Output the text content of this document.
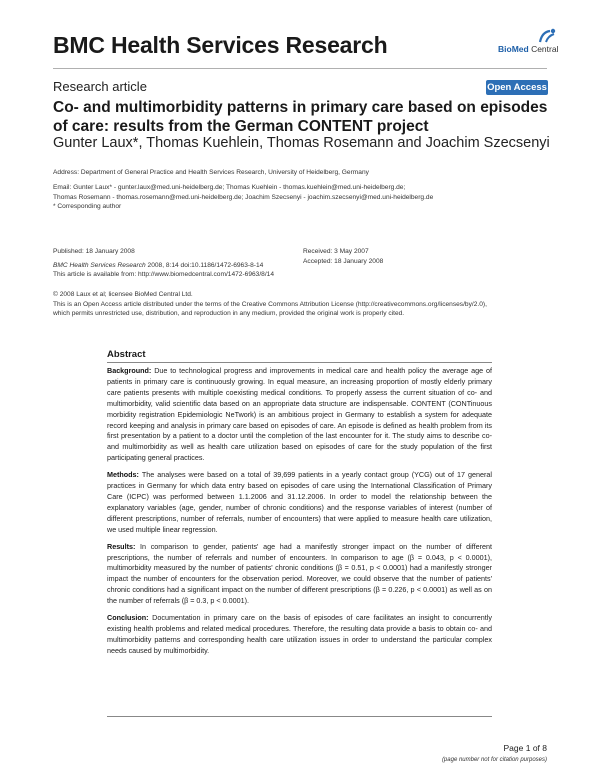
BMC Health Services Research	BioMed Central
Research article	Open Access
Co- and multimorbidity patterns in primary care based on episodes of care: results from the German CONTENT project
Gunter Laux*, Thomas Kuehlein, Thomas Rosemann and Joachim Szecsenyi
Address: Department of General Practice and Health Services Research, University of Heidelberg, Germany
Email: Gunter Laux* - gunter.laux@med.uni-heidelberg.de; Thomas Kuehlein - thomas.kuehlein@med.uni-heidelberg.de;
Thomas Rosemann - thomas.rosemann@med.uni-heidelberg.de; Joachim Szecsenyi - joachim.szecsenyi@med.uni-heidelberg.de
* Corresponding author
Published: 18 January 2008
BMC Health Services Research 2008, 8:14 doi:10.1186/1472-6963-8-14
This article is available from: http://www.biomedcentral.com/1472-6963/8/14
Received: 3 May 2007
Accepted: 18 January 2008
© 2008 Laux et al; licensee BioMed Central Ltd.
This is an Open Access article distributed under the terms of the Creative Commons Attribution License (http://creativecommons.org/licenses/by/2.0),
which permits unrestricted use, distribution, and reproduction in any medium, provided the original work is properly cited.
Abstract

Background: Due to technological progress and improvements in medical care and health policy the average age of patients in primary care is continuously growing. In equal measure, an increasing proportion of mostly elderly primary care patients presents with multiple coexisting medical conditions. To properly assess the current situation of co- and multimorbidity, valid scientific data based on an appropriate data structure are indispensable. CONTENT (CONTinuous morbidity registration Epidemiologic NeTwork) is an ambitious project in Germany to establish a system for adequate record keeping and analysis in primary care based on episodes of care. An episode is defined as health problem from its first presentation by a patient to a doctor until the completion of the last encounter for it. The study aims to describe co- and multimorbidity as well as health care utilization based on episodes of care for the study population of the first participating general practices.

Methods: The analyses were based on a total of 39,699 patients in a yearly contact group (YCG) out of 17 general practices in Germany for which data entry based on episodes of care using the International Classification of Primary Care (ICPC) was performed between 1.1.2006 and 31.12.2006. In order to model the relationship between the explanatory variables (age, gender, number of chronic conditions) and the response variables of interest (number of different prescriptions, number of referrals, number of encounters) that were applied to measure health care utilization, we used multiple linear regression.

Results: In comparison to gender, patients' age had a manifestly stronger impact on the number of different prescriptions, the number of referrals and number of encounters. In comparison to age (β = 0.043, p < 0.0001), multimorbidity measured by the number of patients' chronic conditions (β = 0.51, p < 0.0001) had a manifestly stronger impact the number of encounters for the observation period. Moreover, we could observe that the number of patients' chronic conditions had a significant impact on the number of different prescriptions (β = 0.226, p < 0.0001) as well as on the number of referrals (β = 0.3, p < 0.0001).

Conclusion: Documentation in primary care on the basis of episodes of care facilitates an insight to concurrently existing health problems and related medical procedures. Therefore, the resulting data provide a basis to obtain co- and multimorbidity patterns and corresponding health care utilization issues in order to understand the particular complex needs caused by multimorbidity.

Page 1 of 8
(page number not for citation purposes)
